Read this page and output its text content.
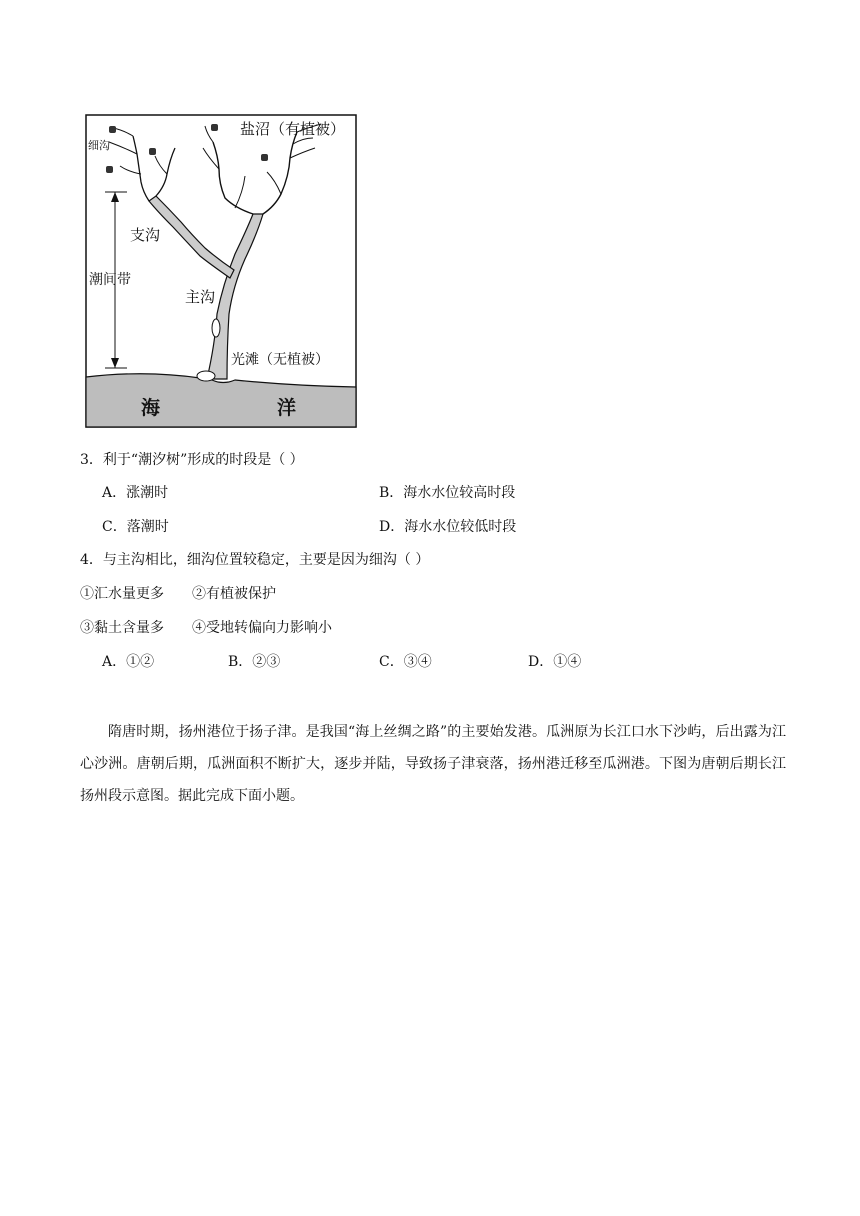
细沟
盐沼（有植被）
支沟
潮间带
主沟
光滩（无植被）
海	洋
3．利于“潮汐树”形成的时段是（ ）
A．涨潮时	B．海水水位较高时段
C．落潮时	D．海水水位较低时段
4．与主沟相比，细沟位置较稳定，主要是因为细沟（ ）
①汇水量更多　　②有植被保护
③黏土含量多　　④受地转偏向力影响小
A．①②	B．②③	C．③④	D．①④
隋唐时期，扬州港位于扬子津。是我国“海上丝绸之路”的主要始发港。瓜洲原为长江口水下沙屿，后出露为江心沙洲。唐朝后期，瓜洲面积不断扩大，逐步并陆，导致扬子津衰落，扬州港迁移至瓜洲港。下图为唐朝后期长江扬州段示意图。据此完成下面小题。
